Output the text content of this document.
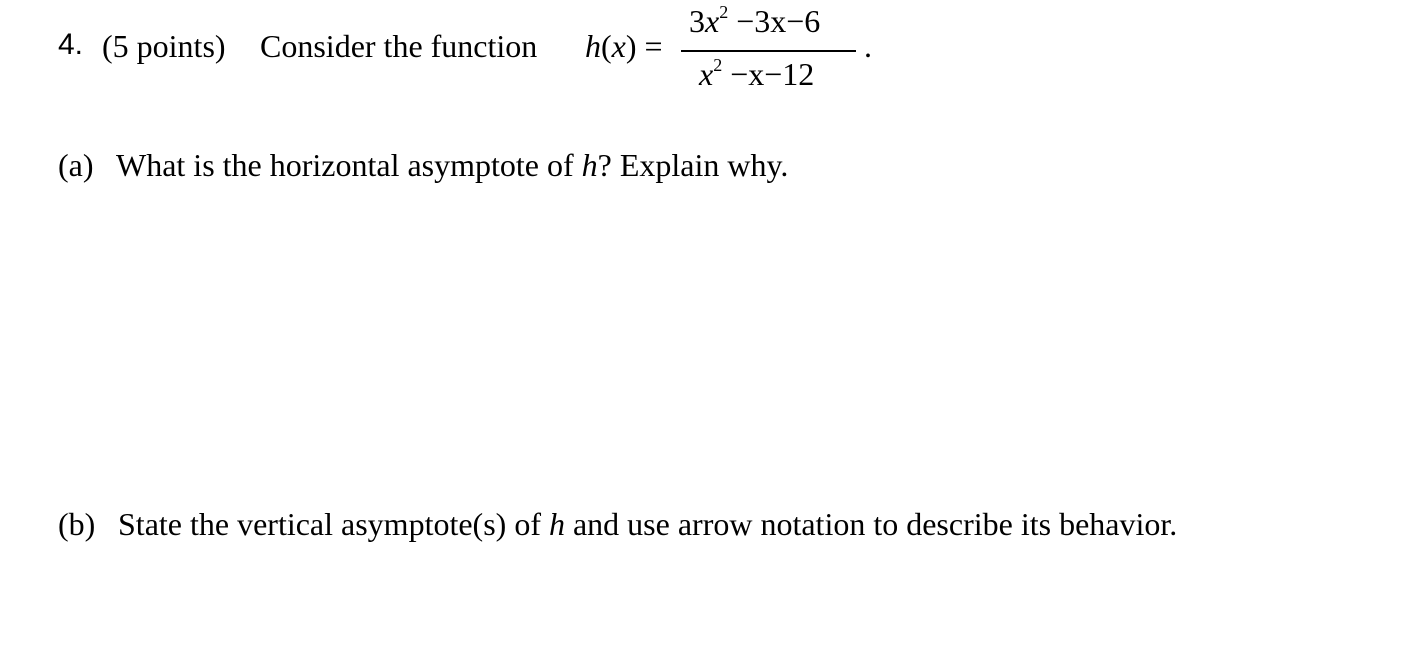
4. (5 points) Consider the function h(x) =
$3x^2 -3x-6$
$x^2 -x-12$
.
(a) What is the horizontal asymptote of h? Explain why.
(b) State the vertical asymptote(s) of h and use arrow notation to describe its behavior.
